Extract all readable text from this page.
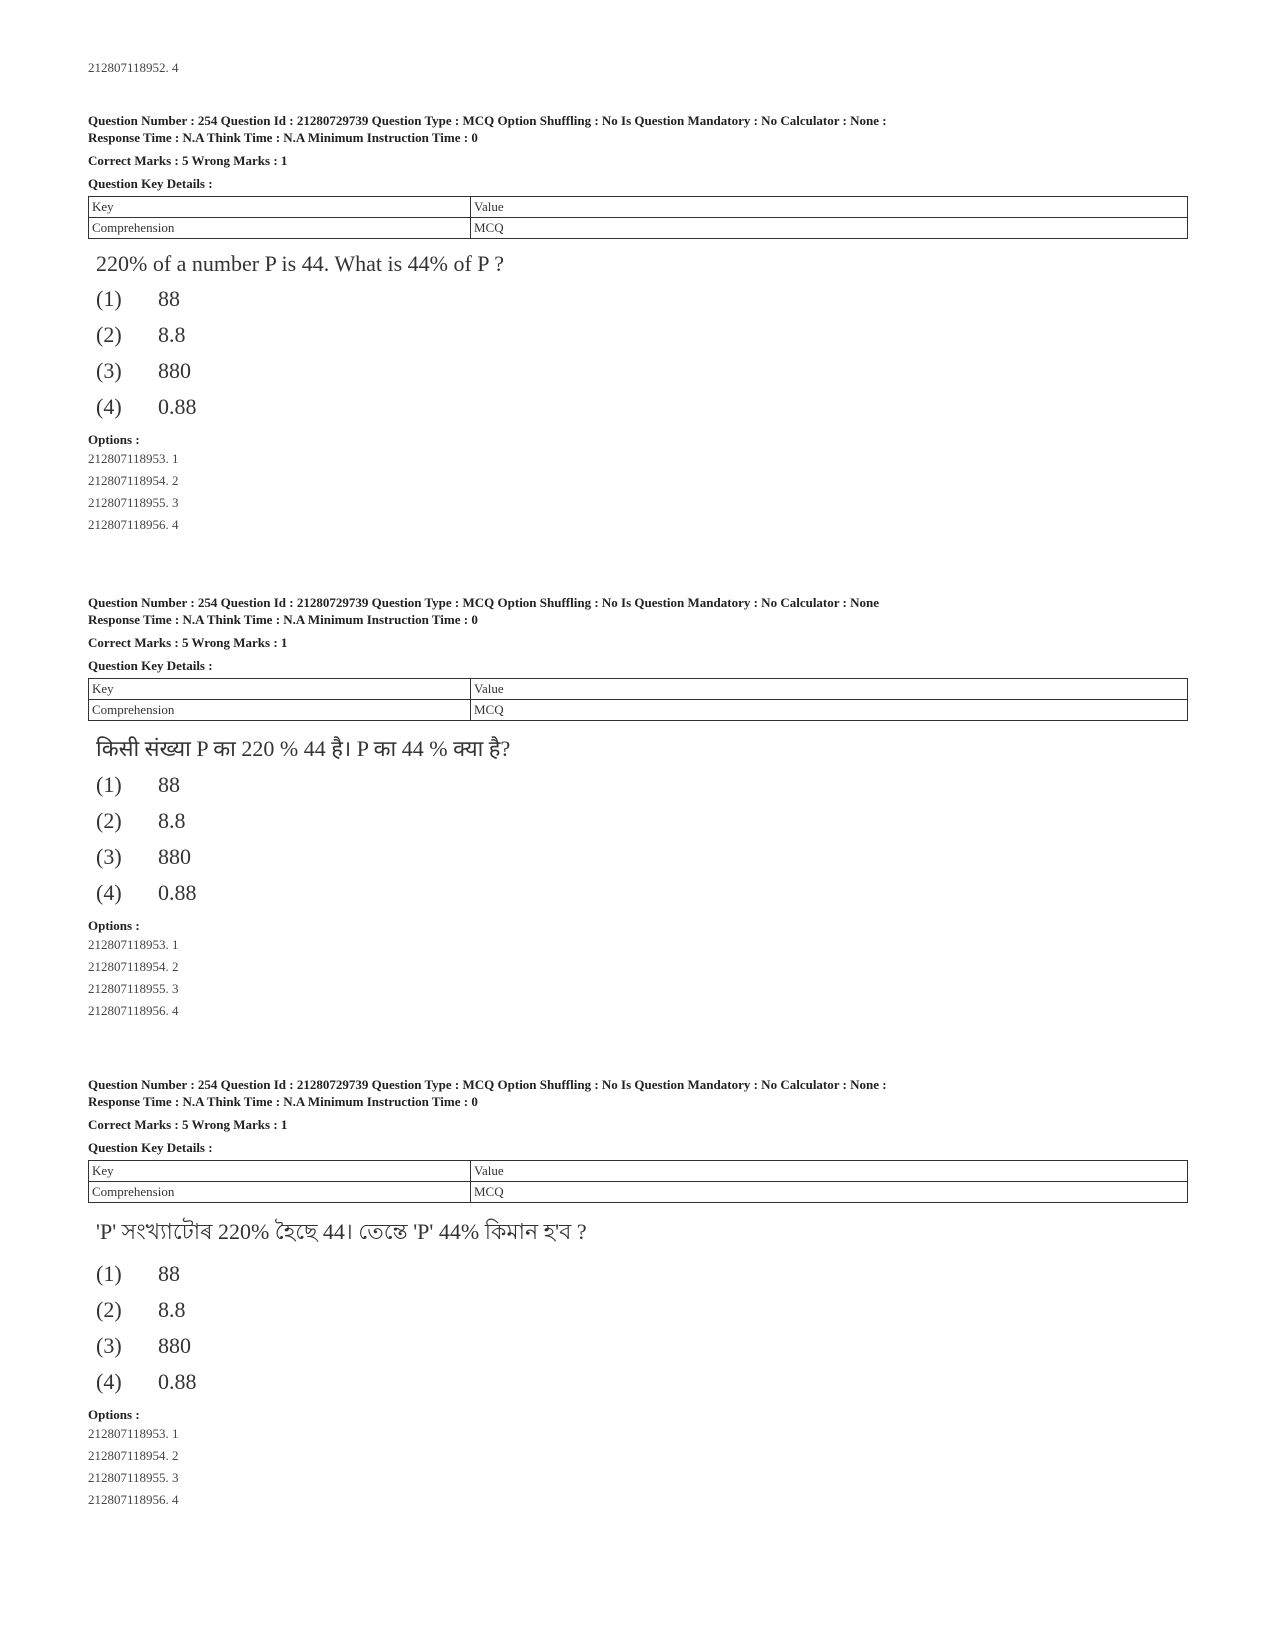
212807118952. 4
Question Number : 254 Question Id : 21280729739 Question Type : MCQ Option Shuffling : No Is Question Mandatory : No Calculator : None :
Response Time : N.A Think Time : N.A Minimum Instruction Time : 0
Correct Marks : 5 Wrong Marks : 1
Question Key Details :
Key	Value
Comprehension	MCQ
220% of a number P is 44. What is 44% of P ?
(1) 88
(2) 8.8
(3) 880
(4) 0.88
Options :
212807118953. 1
212807118954. 2
212807118955. 3
212807118956. 4
Question Number : 254 Question Id : 21280729739 Question Type : MCQ Option Shuffling : No Is Question Mandatory : No Calculator : None
Response Time : N.A Think Time : N.A Minimum Instruction Time : 0
Correct Marks : 5 Wrong Marks : 1
Question Key Details :
Key	Value
Comprehension	MCQ
किसी संख्या P का 220 % 44 है। P का 44 % क्या है?
(1) 88
(2) 8.8
(3) 880
(4) 0.88
Options :
212807118953. 1
212807118954. 2
212807118955. 3
212807118956. 4
Question Number : 254 Question Id : 21280729739 Question Type : MCQ Option Shuffling : No Is Question Mandatory : No Calculator : None :
Response Time : N.A Think Time : N.A Minimum Instruction Time : 0
Correct Marks : 5 Wrong Marks : 1
Question Key Details :
Key	Value
Comprehension	MCQ
'P' সংখ্যাটোৰ 220% হৈছে 44। তেন্তে 'P' 44% কিমান হ'ব ?
(1) 88
(2) 8.8
(3) 880
(4) 0.88
Options :
212807118953. 1
212807118954. 2
212807118955. 3
212807118956. 4
